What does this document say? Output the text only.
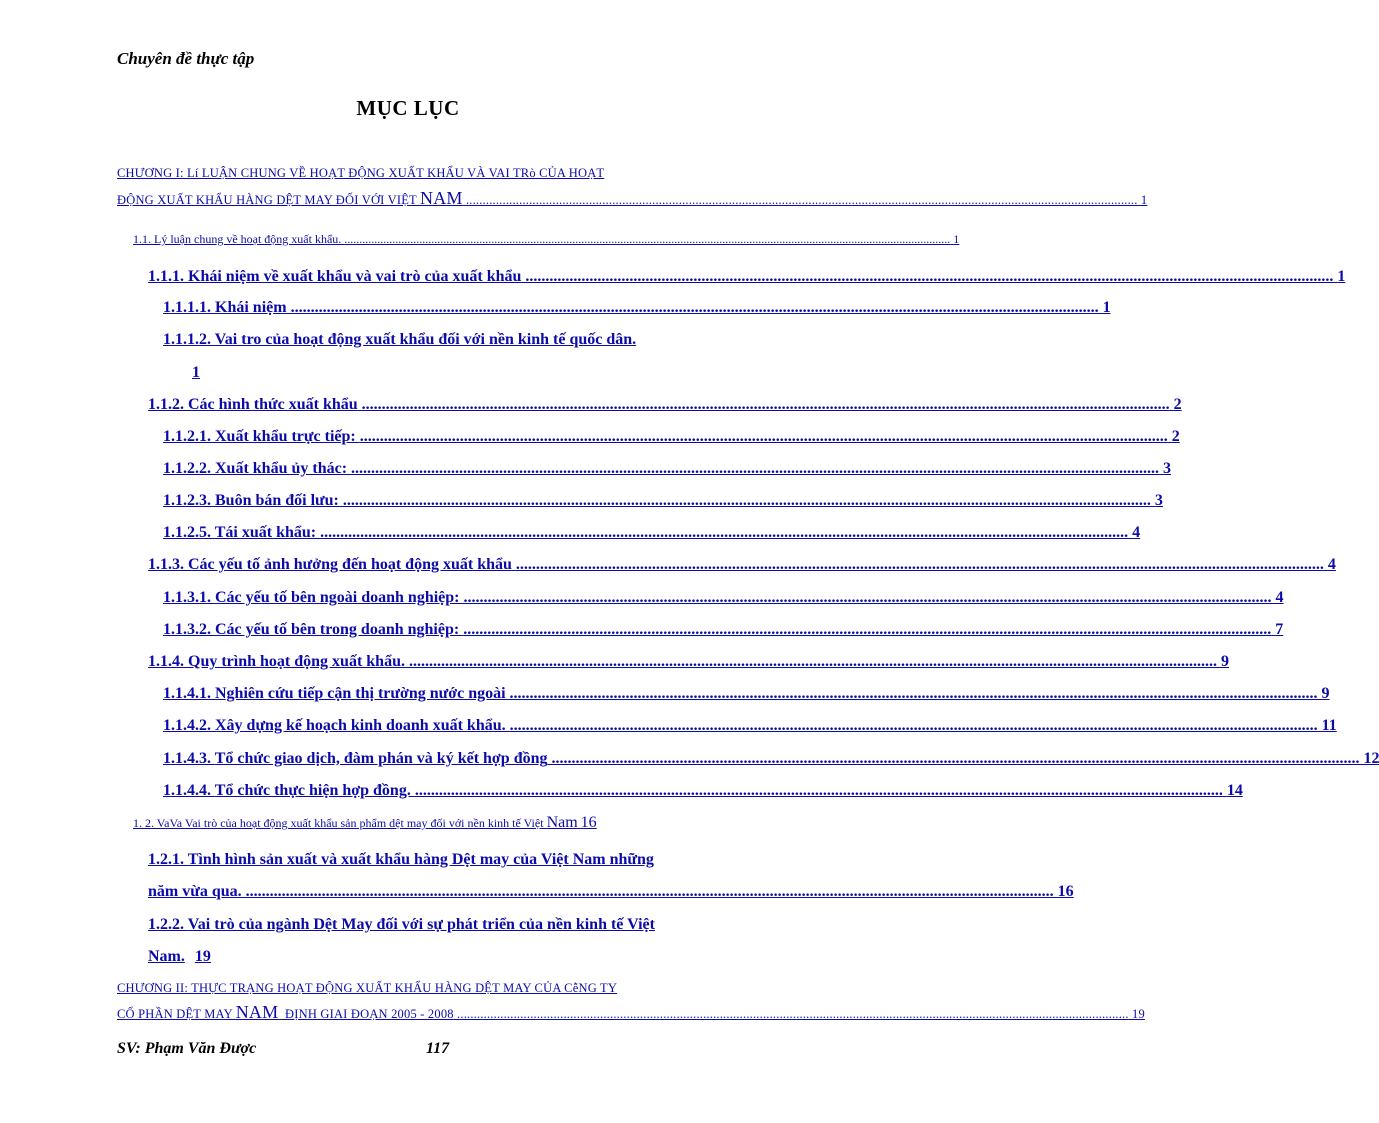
Chuyên đề thực tập
MỤC LỤC
CHƯƠNG I: Lí LUẬN CHUNG VỀ HOẠT ĐỘNG XUẤT KHẨU VÀ VAI TRò CỦA HOẠT
ĐỘNG XUẤT KHẨU HÀNG DỆT MAY ĐỐI VỚI VIỆT NAM .......................................................................................................................................................................................................... 1
1.1. Lý luận chung về hoạt động xuất khẩu. .......................................................................................................................................................................................................... 1
1.1.1. Khái niệm về xuất khẩu và vai trò của xuất khẩu .......................................................................................................................................................................................................... 1
1.1.1.1. Khái niệm .......................................................................................................................................................................................................... 1
1.1.1.2. Vai tro của hoạt động xuất khẩu đối với nền kinh tế quốc dân.
1
1.1.2. Các hình thức xuất khẩu .......................................................................................................................................................................................................... 2
1.1.2.1. Xuất khẩu trực tiếp: .......................................................................................................................................................................................................... 2
1.1.2.2. Xuất khẩu ủy thác: .......................................................................................................................................................................................................... 3
1.1.2.3. Buôn bán đối lưu: .......................................................................................................................................................................................................... 3
1.1.2.5. Tái xuất khẩu: .......................................................................................................................................................................................................... 4
1.1.3. Các yếu tố ảnh hưởng đến hoạt động xuất khẩu .......................................................................................................................................................................................................... 4
1.1.3.1. Các yếu tố bên ngoài doanh nghiệp: .......................................................................................................................................................................................................... 4
1.1.3.2. Các yếu tố bên trong doanh nghiệp: .......................................................................................................................................................................................................... 7
1.1.4. Quy trình hoạt động xuất khẩu. .......................................................................................................................................................................................................... 9
1.1.4.1. Nghiên cứu tiếp cận thị trường nước ngoài .......................................................................................................................................................................................................... 9
1.1.4.2. Xây dựng kế hoạch kinh doanh xuất khẩu. .......................................................................................................................................................................................................... 11
1.1.4.3. Tổ chức giao dịch, đàm phán và ký kết hợp đồng .......................................................................................................................................................................................................... 12
1.1.4.4. Tổ chức thực hiện hợp đồng. .......................................................................................................................................................................................................... 14
1. 2. VaVa Vai trò của hoạt động xuất khẩu sản phẩm dệt may đối với nền kinh tế Việt Nam 16
1.2.1. Tình hình sản xuất và xuất khẩu hàng Dệt may của Việt Nam những
năm vừa qua. .......................................................................................................................................................................................................... 16
1.2.2. Vai trò của ngành Dệt May đối với sự phát triển của nền kinh tế Việt
Nam. 19
CHƯƠNG II: THỰC TRẠNG HOẠT ĐỘNG XUẤT KHẨU HÀNG DỆT MAY CỦA CễNG TY
CỔ PHẦN DỆT MAY NAM  ĐỊNH GIAI ĐOẠN 2005 - 2008 .......................................................................................................................................................................................................... 19
SV: Phạm Văn Được	117
